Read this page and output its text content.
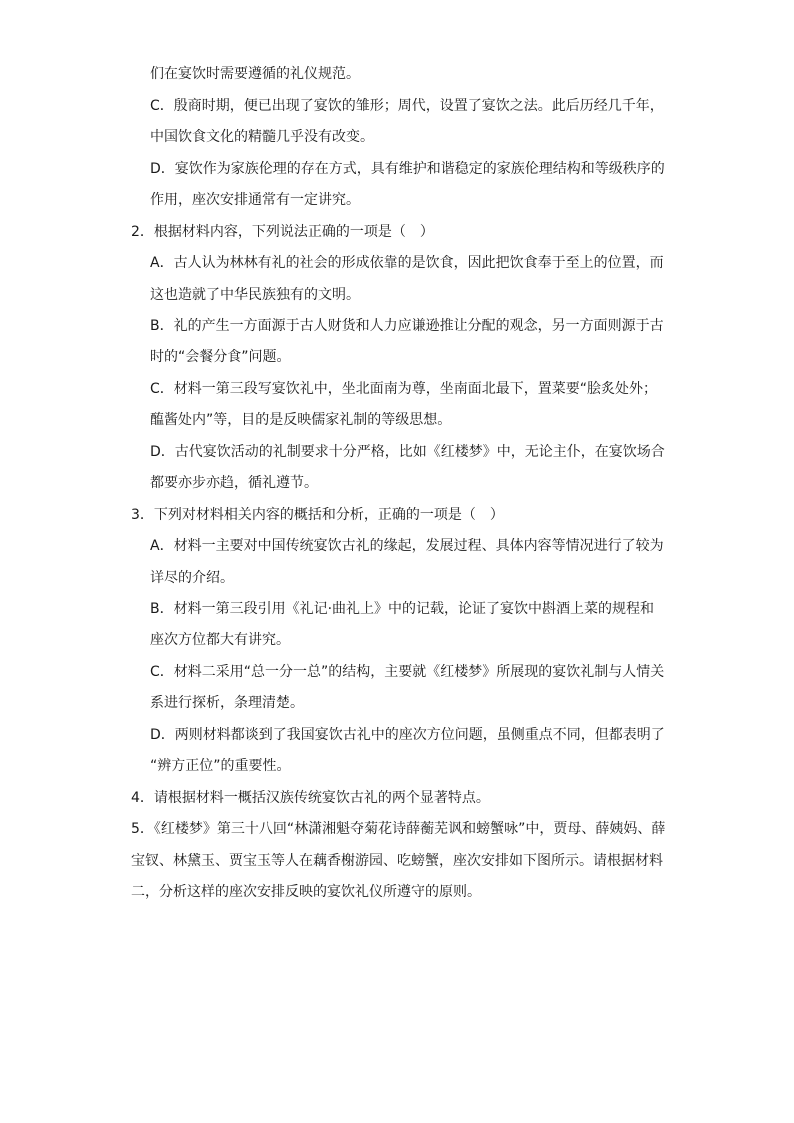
们在宴饮时需要遵循的礼仪规范。
C．殷商时期，便已出现了宴饮的雏形；周代，设置了宴饮之法。此后历经几千年，
中国饮食文化的精髓几乎没有改变。
D．宴饮作为家族伦理的存在方式，具有维护和谐稳定的家族伦理结构和等级秩序的
作用，座次安排通常有一定讲究。
2．根据材料内容，下列说法正确的一项是（　）
A．古人认为林林有礼的社会的形成依靠的是饮食，因此把饮食奉于至上的位置，而
这也造就了中华民族独有的文明。
B．礼的产生一方面源于古人财货和人力应谦逊推让分配的观念，另一方面则源于古
时的“会餐分食”问题。
C．材料一第三段写宴饮礼中，坐北面南为尊，坐南面北最下，置菜要“脍炙处外；
醢酱处内”等，目的是反映儒家礼制的等级思想。
D．古代宴饮活动的礼制要求十分严格，比如《红楼梦》中，无论主仆，在宴饮场合
都要亦步亦趋，循礼遵节。
3．下列对材料相关内容的概括和分析，正确的一项是（　）
A．材料一主要对中国传统宴饮古礼的缘起，发展过程、具体内容等情况进行了较为
详尽的介绍。
B．材料一第三段引用《礼记·曲礼上》中的记载，论证了宴饮中斟酒上菜的规程和
座次方位都大有讲究。
C．材料二采用“总一分一总”的结构，主要就《红楼梦》所展现的宴饮礼制与人情关
系进行探析，条理清楚。
D．两则材料都谈到了我国宴饮古礼中的座次方位问题，虽侧重点不同，但都表明了
“辨方正位”的重要性。
4．请根据材料一概括汉族传统宴饮古礼的两个显著特点。
5．《红楼梦》第三十八回“林潇湘魁夺菊花诗薛蘅芜讽和螃蟹咏”中，贾母、薛姨妈、薛
宝钗、林黛玉、贾宝玉等人在藕香榭游园、吃螃蟹，座次安排如下图所示。请根据材料
二，分析这样的座次安排反映的宴饮礼仪所遵守的原则。
